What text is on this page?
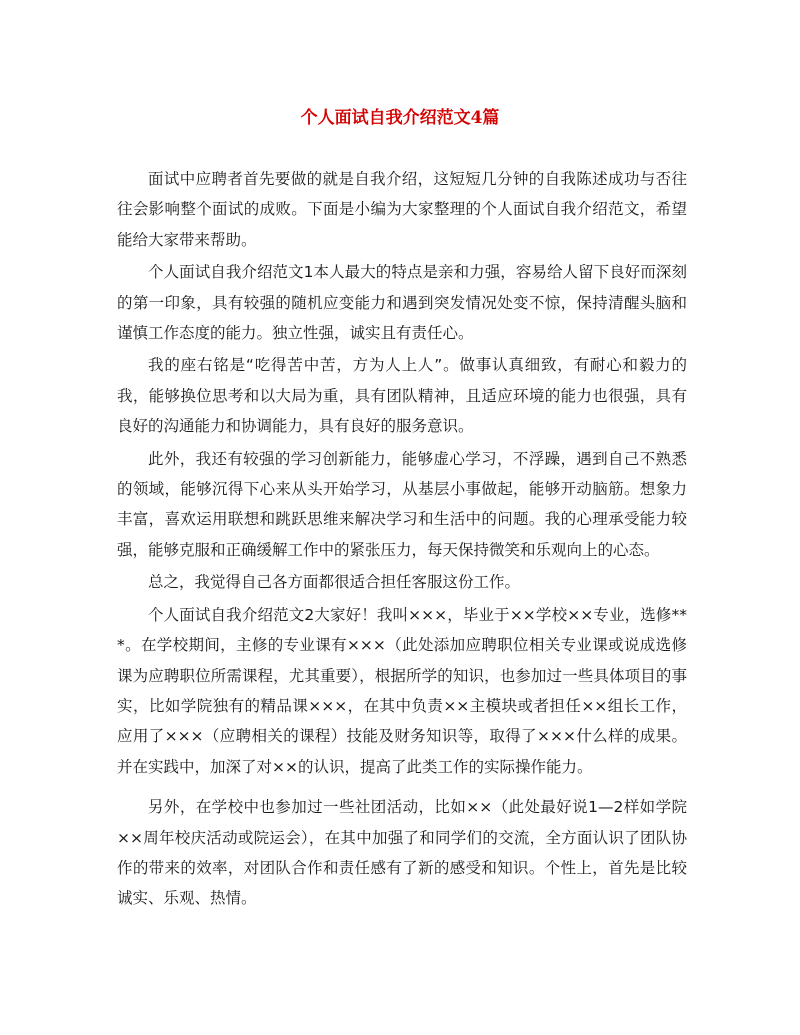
个人面试自我介绍范文4篇

面试中应聘者首先要做的就是自我介绍，这短短几分钟的自我陈述成功与否往往会影响整个面试的成败。下面是小编为大家整理的个人面试自我介绍范文，希望能给大家带来帮助。

个人面试自我介绍范文1本人最大的特点是亲和力强，容易给人留下良好而深刻的第一印象，具有较强的随机应变能力和遇到突发情况处变不惊，保持清醒头脑和谨慎工作态度的能力。独立性强，诚实且有责任心。

我的座右铭是“吃得苦中苦，方为人上人”。做事认真细致，有耐心和毅力的我，能够换位思考和以大局为重，具有团队精神，且适应环境的能力也很强，具有良好的沟通能力和协调能力，具有良好的服务意识。

此外，我还有较强的学习创新能力，能够虚心学习，不浮躁，遇到自己不熟悉的领域，能够沉得下心来从头开始学习，从基层小事做起，能够开动脑筋。想象力丰富，喜欢运用联想和跳跃思维来解决学习和生活中的问题。我的心理承受能力较强，能够克服和正确缓解工作中的紧张压力，每天保持微笑和乐观向上的心态。

总之，我觉得自己各方面都很适合担任客服这份工作。

个人面试自我介绍范文2大家好！我叫×××，毕业于××学校××专业，选修***。在学校期间，主修的专业课有×××（此处添加应聘职位相关专业课或说成选修课为应聘职位所需课程，尤其重要），根据所学的知识，也参加过一些具体项目的事实，比如学院独有的精品课×××，在其中负责××主模块或者担任××组长工作，应用了×××（应聘相关的课程）技能及财务知识等，取得了×××什么样的成果。并在实践中，加深了对××的认识，提高了此类工作的实际操作能力。

另外，在学校中也参加过一些社团活动，比如××（此处最好说1—2样如学院××周年校庆活动或院运会），在其中加强了和同学们的交流，全方面认识了团队协作的带来的效率，对团队合作和责任感有了新的感受和知识。个性上，首先是比较诚实、乐观、热情。
